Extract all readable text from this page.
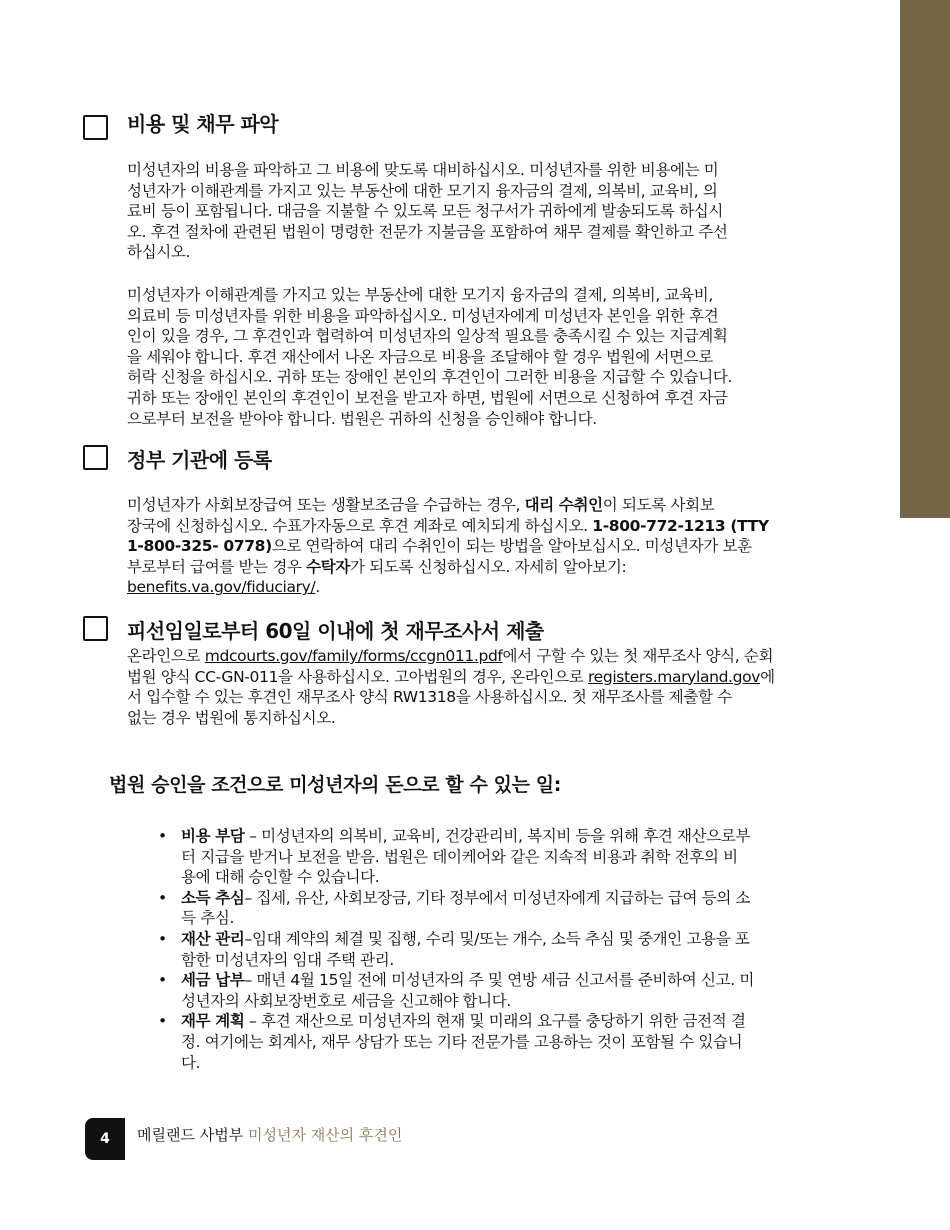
비용 및 채무 파악
미성년자의 비용을 파악하고 그 비용에 맞도록 대비하십시오. 미성년자를 위한 비용에는 미
성년자가 이해관계를 가지고 있는 부동산에 대한 모기지 융자금의 결제, 의복비, 교육비, 의
료비 등이 포함됩니다. 대금을 지불할 수 있도록 모든 청구서가 귀하에게 발송되도록 하십시
오. 후견 절차에 관련된 법원이 명령한 전문가 지불금을 포함하여 채무 결제를 확인하고 주선
하십시오.
미성년자가 이해관계를 가지고 있는 부동산에 대한 모기지 융자금의 결제, 의복비, 교육비,
의료비 등 미성년자를 위한 비용을 파악하십시오. 미성년자에게 미성년자 본인을 위한 후견
인이 있을 경우, 그 후견인과 협력하여 미성년자의 일상적 필요를 충족시킬 수 있는 지급계획
을 세워야 합니다. 후견 재산에서 나온 자금으로 비용을 조달해야 할 경우 법원에 서면으로
허락 신청을 하십시오. 귀하 또는 장애인 본인의 후견인이 그러한 비용을 지급할 수 있습니다.
귀하 또는 장애인 본인의 후견인이 보전을 받고자 하면, 법원에 서면으로 신청하여 후견 자금
으로부터 보전을 받아야 합니다. 법원은 귀하의 신청을 승인해야 합니다.
정부 기관에 등록
미성년자가 사회보장급여 또는 생활보조금을 수급하는 경우, 대리 수취인이 되도록 사회보
장국에 신청하십시오. 수표가자동으로 후견 계좌로 예치되게 하십시오. 1-800-772-1213 (TTY
1-800-325- 0778)으로 연락하여 대리 수취인이 되는 방법을 알아보십시오. 미성년자가 보훈
부로부터 급여를 받는 경우 수탁자가 되도록 신청하십시오. 자세히 알아보기:
benefits.va.gov/fiduciary/.
피선임일로부터 60일 이내에 첫 재무조사서 제출
온라인으로 mdcourts.gov/family/forms/ccgn011.pdf에서 구할 수 있는 첫 재무조사 양식, 순회
법원 양식 CC-GN-011을 사용하십시오. 고아법원의 경우, 온라인으로 registers.maryland.gov에
서 입수할 수 있는 후견인 재무조사 양식 RW1318을 사용하십시오. 첫 재무조사를 제출할 수
없는 경우 법원에 통지하십시오.
법원 승인을 조건으로 미성년자의 돈으로 할 수 있는 일:
• 비용 부담 – 미성년자의 의복비, 교육비, 건강관리비, 복지비 등을 위해 후견 재산으로부
터 지급을 받거나 보전을 받음. 법원은 데이케어와 같은 지속적 비용과 취학 전후의 비
용에 대해 승인할 수 있습니다.
• 소득 추심– 집세, 유산, 사회보장금, 기타 정부에서 미성년자에게 지급하는 급여 등의 소
득 추심.
• 재산 관리–임대 계약의 체결 및 집행, 수리 및/또는 개수, 소득 추심 및 중개인 고용을 포
함한 미성년자의 임대 주택 관리.
• 세금 납부– 매년 4월 15일 전에 미성년자의 주 및 연방 세금 신고서를 준비하여 신고. 미
성년자의 사회보장번호로 세금을 신고해야 합니다.
• 재무 계획 – 후견 재산으로 미성년자의 현재 및 미래의 요구를 충당하기 위한 금전적 결
정. 여기에는 회계사, 재무 상담가 또는 기타 전문가를 고용하는 것이 포함될 수 있습니
다.
4	메릴랜드 사법부 미성년자 재산의 후견인
